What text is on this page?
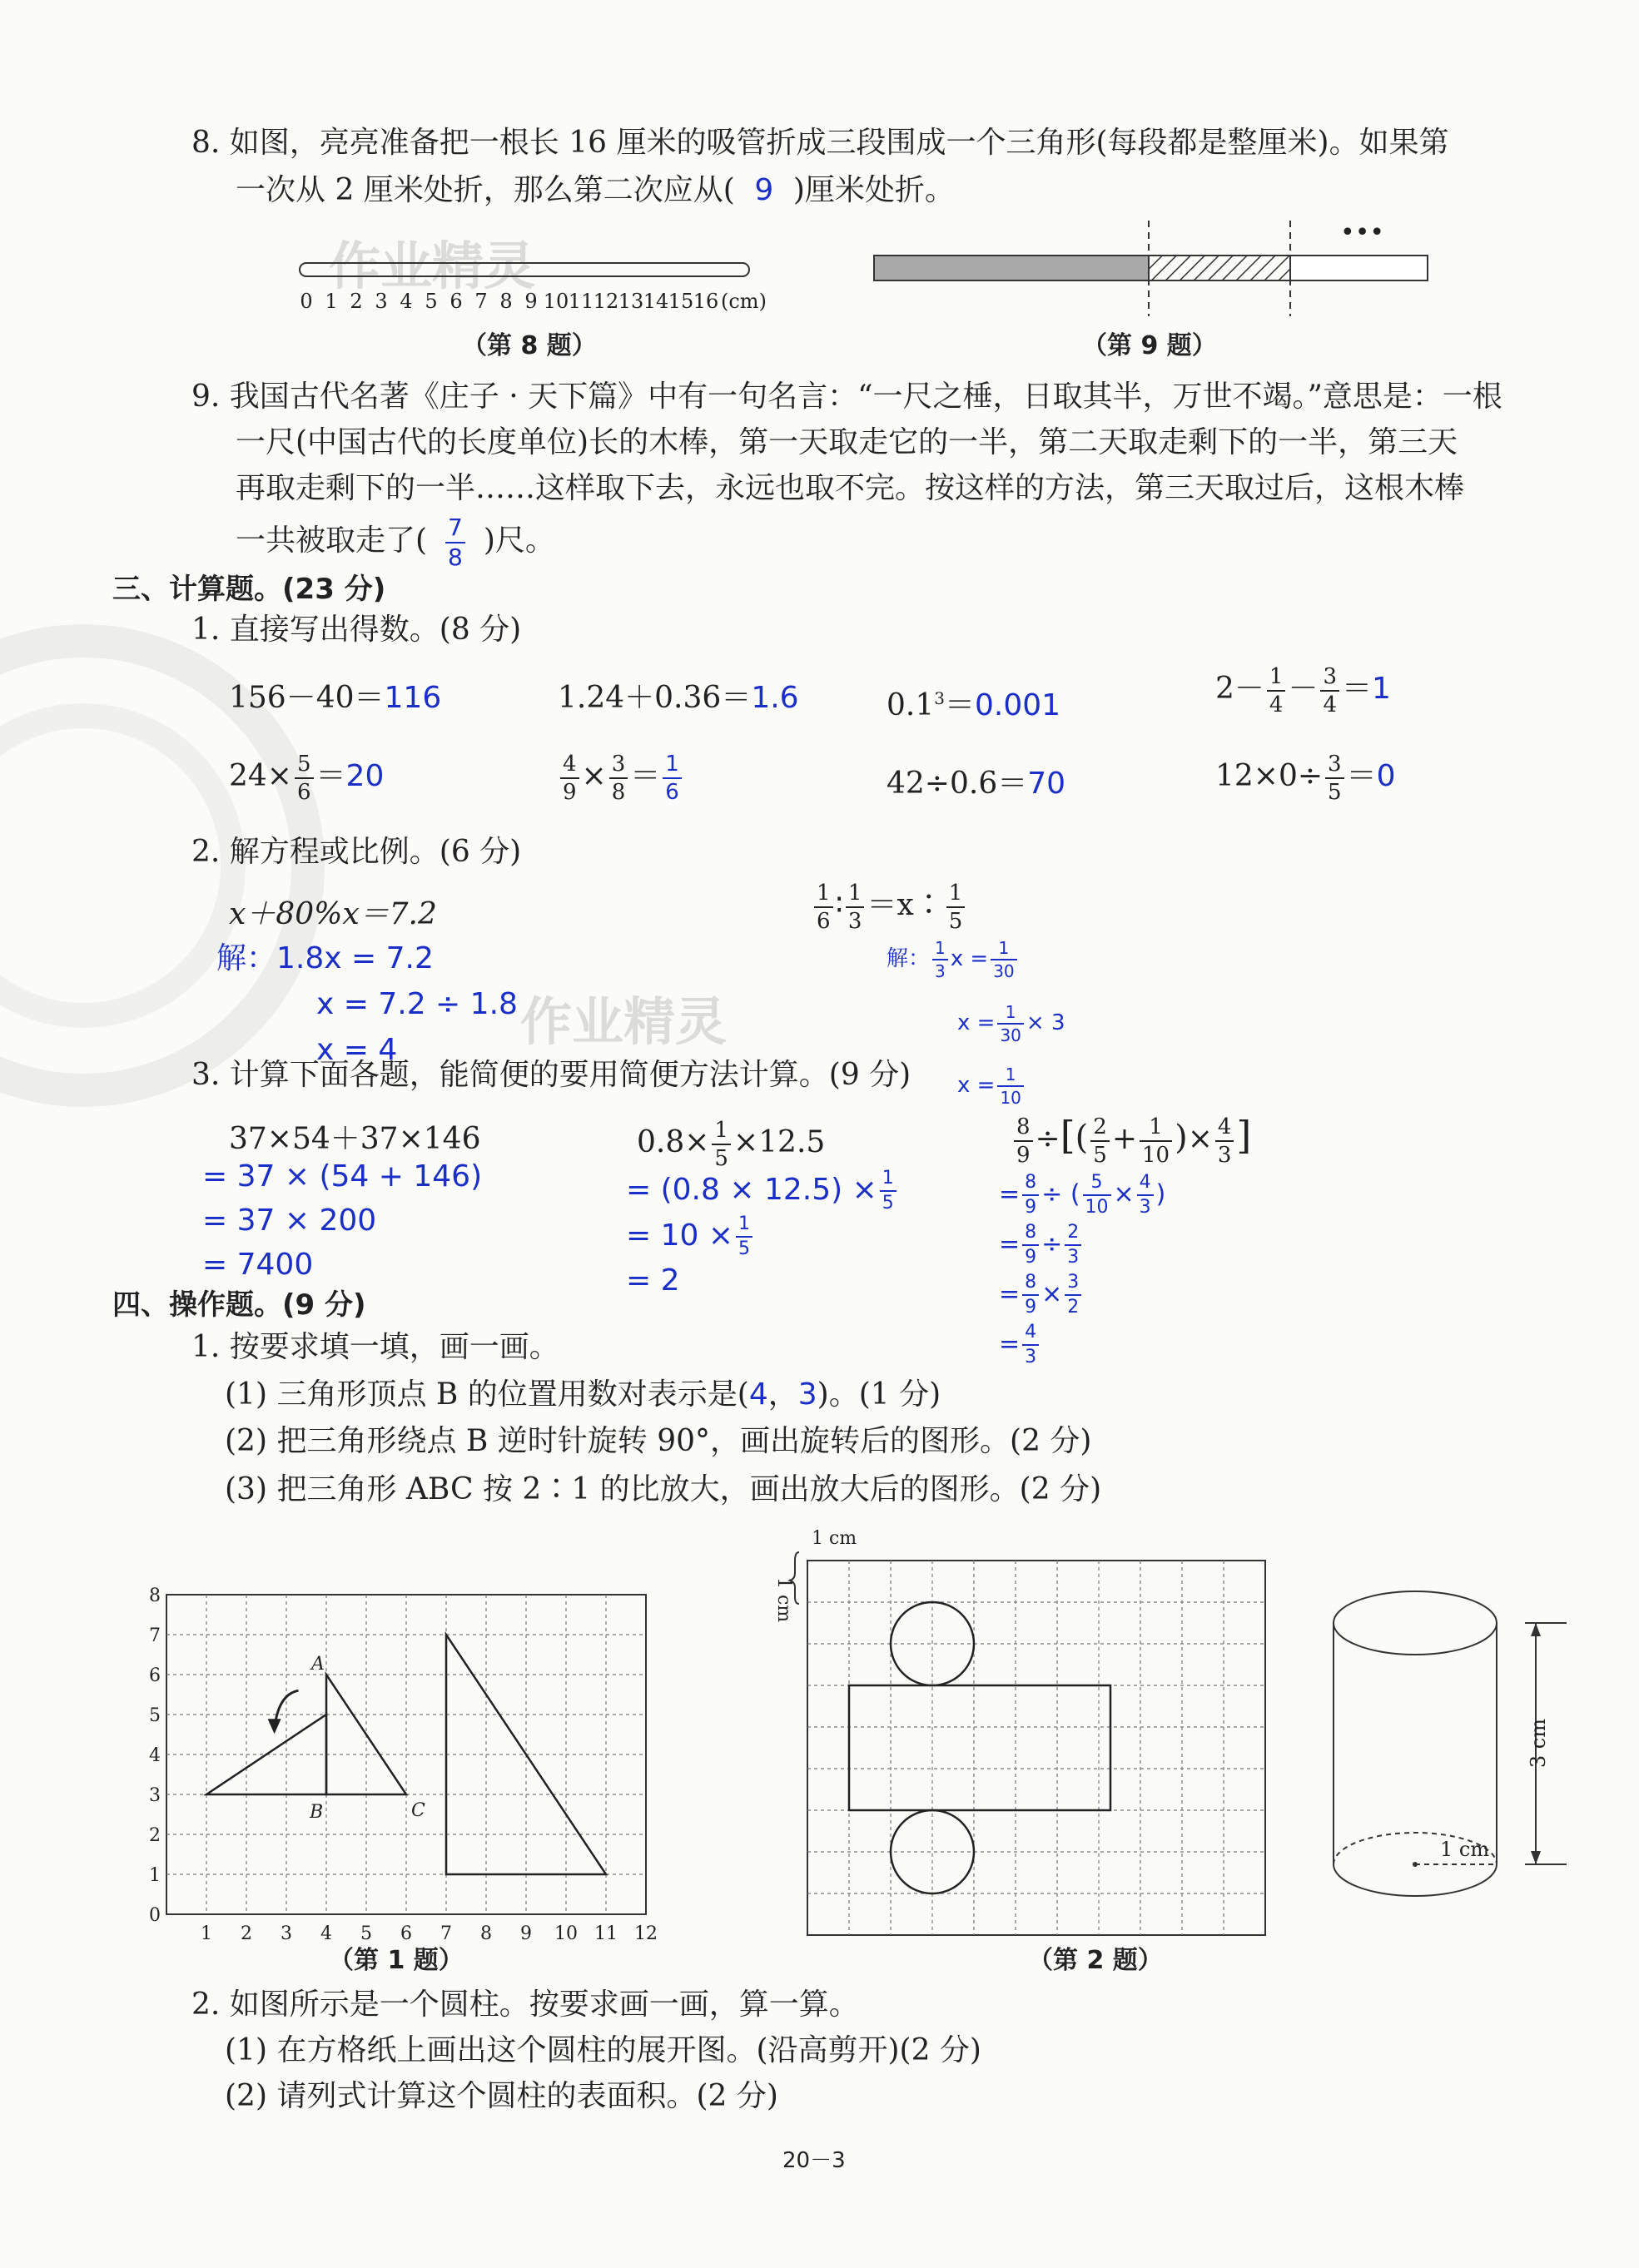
8. 如图，亮亮准备把一根长 16 厘米的吸管折成三段围成一个三角形(每段都是整厘米)。如果第
一次从 2 厘米处折，那么第二次应从( 9 )厘米处折。
作业精灵
0 1 2 3 4 5 6 7 8 9 10 11 12 13 14 15 16 (cm)
（第 8 题）
•••
（第 9 题）
9. 我国古代名著《庄子 · 天下篇》中有一句名言：“一尺之棰，日取其半，万世不竭。”意思是：一根
一尺(中国古代的长度单位)长的木棒，第一天取走它的一半，第二天取走剩下的一半，第三天
再取走剩下的一半……这样取下去，永远也取不完。按这样的方法，第三天取过后，这根木棒
一共被取走了( $\frac{7}{8}$ )尺。
三、计算题。(23 分)
1. 直接写出得数。(8 分)
156－40＝116	1.24＋0.36＝1.6	$0.1^3=0.001$	$2- \frac{1}{4} - \frac{3}{4} =1$
$24\times \frac{5}{6} =20$	$\frac{4}{9} \times \frac{3}{8} = \frac{1}{6}$	42÷0.6＝70	$12\times 0\div \frac{3}{5} =0$
2. 解方程或比例。(6 分)
x＋80%x＝7.2
解：1.8x = 7.2
x = 7.2 ÷ 1.8
x = 4 作业精灵
$\frac{1}{6}$ ∶ $\frac{1}{3}$ ＝x∶ $\frac{1}{5}$
解： $\frac{1}{3}$ $x = \frac{1}{30}$
$x = \frac{1}{30} \times 3$
$x = \frac{1}{10}$
3. 计算下面各题，能简便的要用简便方法计算。(9 分)
37×54＋37×146
= 37 × (54 + 146)
= 37 × 200
= 7400
$0.8\times \frac{1}{5} \times 12.5$
= $(0.8 \times 12.5) \times \frac{1}{5}$
= $10 \times \frac{1}{5}$
= 2
$\frac{8}{9}$ ÷[( $\frac{2}{5} + \frac{1}{10}$ )× $\frac{4}{3}$ ]
= $\frac{8}{9}$ ÷ ( $\frac{5}{10} \times \frac{4}{3}$ )
= $\frac{8}{9} \div \frac{2}{3}$
= $\frac{8}{9} \times \frac{3}{2}$
= $\frac{4}{3}$
四、操作题。(9 分)
1. 按要求填一填，画一画。
(1) 三角形顶点 B 的位置用数对表示是(4，3)。(1 分)
(2) 把三角形绕点 B 逆时针旋转 90°，画出旋转后的图形。(2 分)
(3) 把三角形 ABC 按 2∶1 的比放大，画出放大后的图形。(2 分)
1 2 3 4 5 6 7 8 9 10 11 12
0
1
2
3
4
5
6
7
8
A
B	C
（第 1 题）
1 cm
1 cm
（第 2 题）
1 cm
3 cm
2. 如图所示是一个圆柱。按要求画一画，算一算。
(1) 在方格纸上画出这个圆柱的展开图。(沿高剪开)(2 分)
(2) 请列式计算这个圆柱的表面积。(2 分)
20－3
